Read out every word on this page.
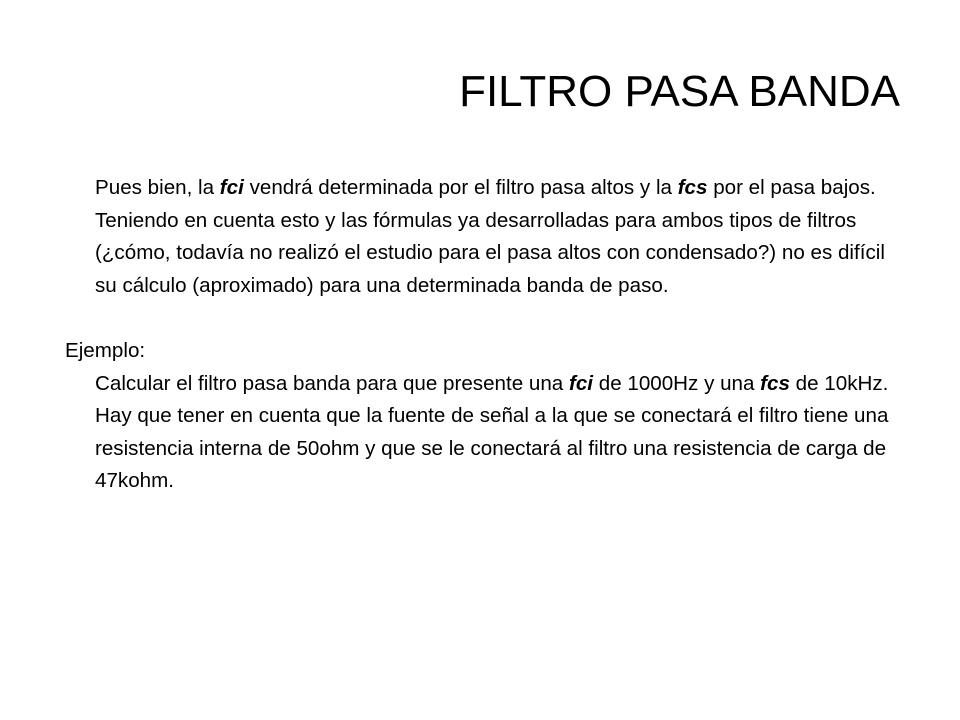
FILTRO PASA BANDA

Pues bien, la fci vendrá determinada por el filtro pasa altos y la fcs por el pasa bajos. Teniendo en cuenta esto y las fórmulas ya desarrolladas para ambos tipos de filtros (¿cómo, todavía no realizó el estudio para el pasa altos con condensado?) no es difícil su cálculo (aproximado) para una determinada banda de paso.

Ejemplo:

Calcular el filtro pasa banda para que presente una fci de 1000Hz y una fcs de 10kHz. Hay que tener en cuenta que la fuente de señal a la que se conectará el filtro tiene una resistencia interna de 50ohm y que se le conectará al filtro una resistencia de carga de 47kohm.
